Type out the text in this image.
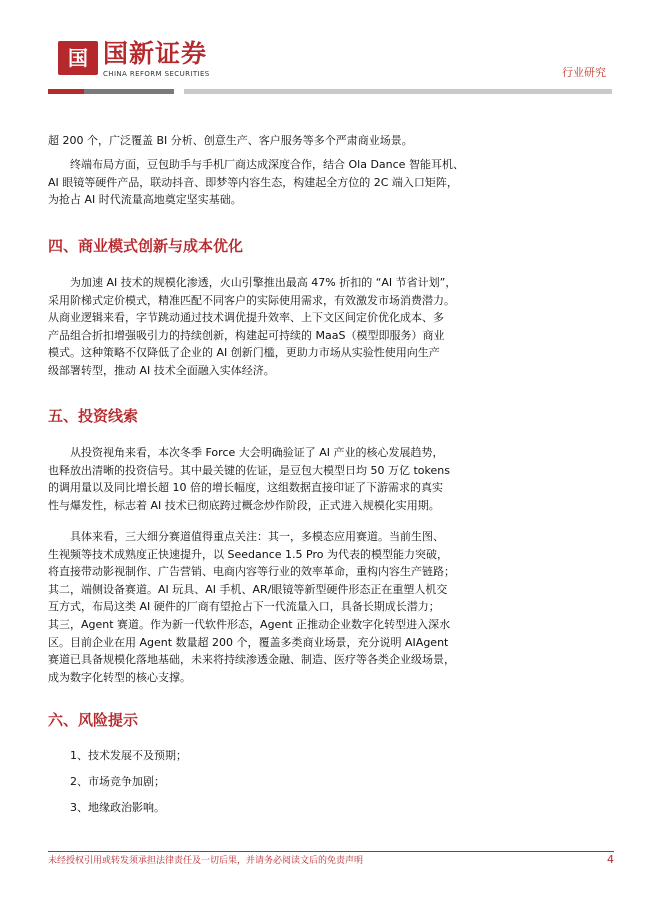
国 国新证券
CHINA REFORM SECURITIES	行业研究

超 200 个，广泛覆盖 BI 分析、创意生产、客户服务等多个严肃商业场景。

　　终端布局方面，豆包助手与手机厂商达成深度合作，结合 Ola Dance 智能耳机、
AI 眼镜等硬件产品，联动抖音、即梦等内容生态，构建起全方位的 2C 端入口矩阵，
为抢占 AI 时代流量高地奠定坚实基础。

四、商业模式创新与成本优化

　　为加速 AI 技术的规模化渗透，火山引擎推出最高 47% 折扣的 “AI 节省计划”，
采用阶梯式定价模式，精准匹配不同客户的实际使用需求，有效激发市场消费潜力。
从商业逻辑来看，字节跳动通过技术调优提升效率、上下文区间定价优化成本、多
产品组合折扣增强吸引力的持续创新，构建起可持续的 MaaS（模型即服务）商业
模式。这种策略不仅降低了企业的 AI 创新门槛，更助力市场从实验性使用向生产
级部署转型，推动 AI 技术全面融入实体经济。

五、投资线索

　　从投资视角来看，本次冬季 Force 大会明确验证了 AI 产业的核心发展趋势，
也释放出清晰的投资信号。其中最关键的佐证，是豆包大模型日均 50 万亿 tokens
的调用量以及同比增长超 10 倍的增长幅度，这组数据直接印证了下游需求的真实
性与爆发性，标志着 AI 技术已彻底跨过概念炒作阶段，正式进入规模化实用期。

　　具体来看，三大细分赛道值得重点关注：其一，多模态应用赛道。当前生图、
生视频等技术成熟度正快速提升，以 Seedance 1.5 Pro 为代表的模型能力突破，
将直接带动影视制作、广告营销、电商内容等行业的效率革命，重构内容生产链路；
其二，端侧设备赛道。AI 玩具、AI 手机、AR/眼镜等新型硬件形态正在重塑人机交
互方式，布局这类 AI 硬件的厂商有望抢占下一代流量入口，具备长期成长潜力；
其三，Agent 赛道。作为新一代软件形态，Agent 正推动企业数字化转型进入深水
区。目前企业在用 Agent 数量超 200 个，覆盖多类商业场景，充分说明 AIAgent
赛道已具备规模化落地基础，未来将持续渗透金融、制造、医疗等各类企业级场景，
成为数字化转型的核心支撑。

六、风险提示

1、技术发展不及预期；

2、市场竞争加剧；

3、地缘政治影响。

未经授权引用或转发须承担法律责任及一切后果，并请务必阅读文后的免责声明	4
